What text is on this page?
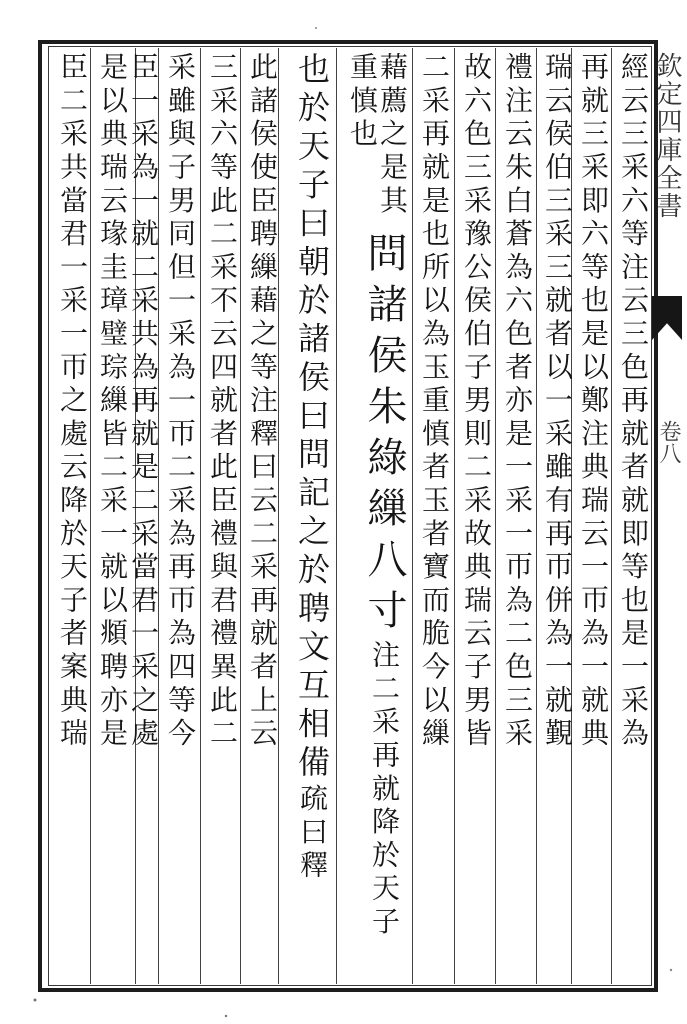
欽定四庫全書
卷八
經云三采六等注云三色再就者就即等也是一采為
再就三采即六等也是以鄭注典瑞云一帀為一就典
瑞云侯伯三采三就者以一采雖有再帀併為一就覲
禮注云朱白蒼為六色者亦是一采一帀為二色三采
故六色三采豫公侯伯子男則二采故典瑞云子男皆
二采再就是也所以為玉重慎者玉者寶而脆今以繅
藉薦之是其重慎也
問諸侯朱綠繅八寸注二采再就降於天子
也於天子曰朝於諸侯曰問記之於聘文互相備疏曰釋
此諸侯使臣聘繅藉之等注釋曰云二采再就者上云
三采六等此二采不云四就者此臣禮與君禮異此二
采雖與子男同但一采為一帀二采為再帀為四等今
臣一采為一就二采共為再就是二采當君一采之處
是以典瑞云瑑圭璋璧琮繅皆二采一就以頫聘亦是
臣二采共當君一采一帀之處云降於天子者案典瑞
